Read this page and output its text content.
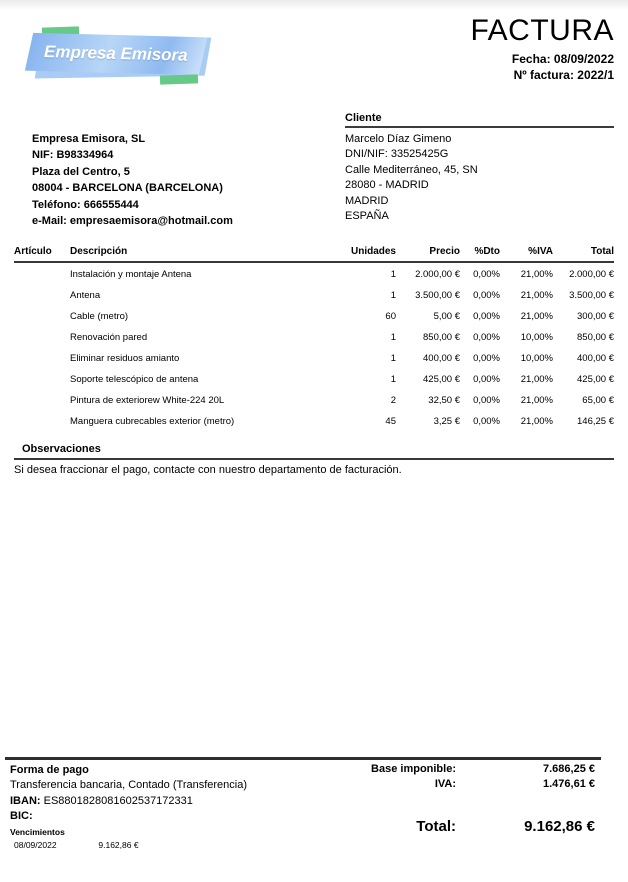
Empresa Emisora
FACTURA
Fecha: 08/09/2022
Nº factura: 2022/1
Empresa Emisora, SL
NIF: B98334964
Plaza del Centro, 5
08004 - BARCELONA (BARCELONA)
Teléfono: 666555444
e-Mail: empresaemisora@hotmail.com
Cliente
Marcelo Díaz Gimeno
DNI/NIF: 33525425G
Calle Mediterráneo, 45, SN
28080 - MADRID
MADRID
ESPAÑA
Artículo	Descripción	Unidades	Precio	%Dto	%IVA	Total
	Instalación y montaje Antena	1	2.000,00 €	0,00%	21,00%	2.000,00 €
	Antena	1	3.500,00 €	0,00%	21,00%	3.500,00 €
	Cable (metro)	60	5,00 €	0,00%	21,00%	300,00 €
	Renovación pared	1	850,00 €	0,00%	10,00%	850,00 €
	Eliminar residuos amianto	1	400,00 €	0,00%	10,00%	400,00 €
	Soporte telescópico de antena	1	425,00 €	0,00%	21,00%	425,00 €
	Pintura de exteriorew White-224 20L	2	32,50 €	0,00%	21,00%	65,00 €
	Manguera cubrecables exterior (metro)	45	3,25 €	0,00%	21,00%	146,25 €
Observaciones
Si desea fraccionar el pago, contacte con nuestro departamento de facturación.
Forma de pago
Transferencia bancaria, Contado (Transferencia)
IBAN: ES8801828081602537172331
BIC:
Vencimientos
08/09/2022	9.162,86 €
Base imponible:	7.686,25 €
IVA:	1.476,61 €
Total:	9.162,86 €
